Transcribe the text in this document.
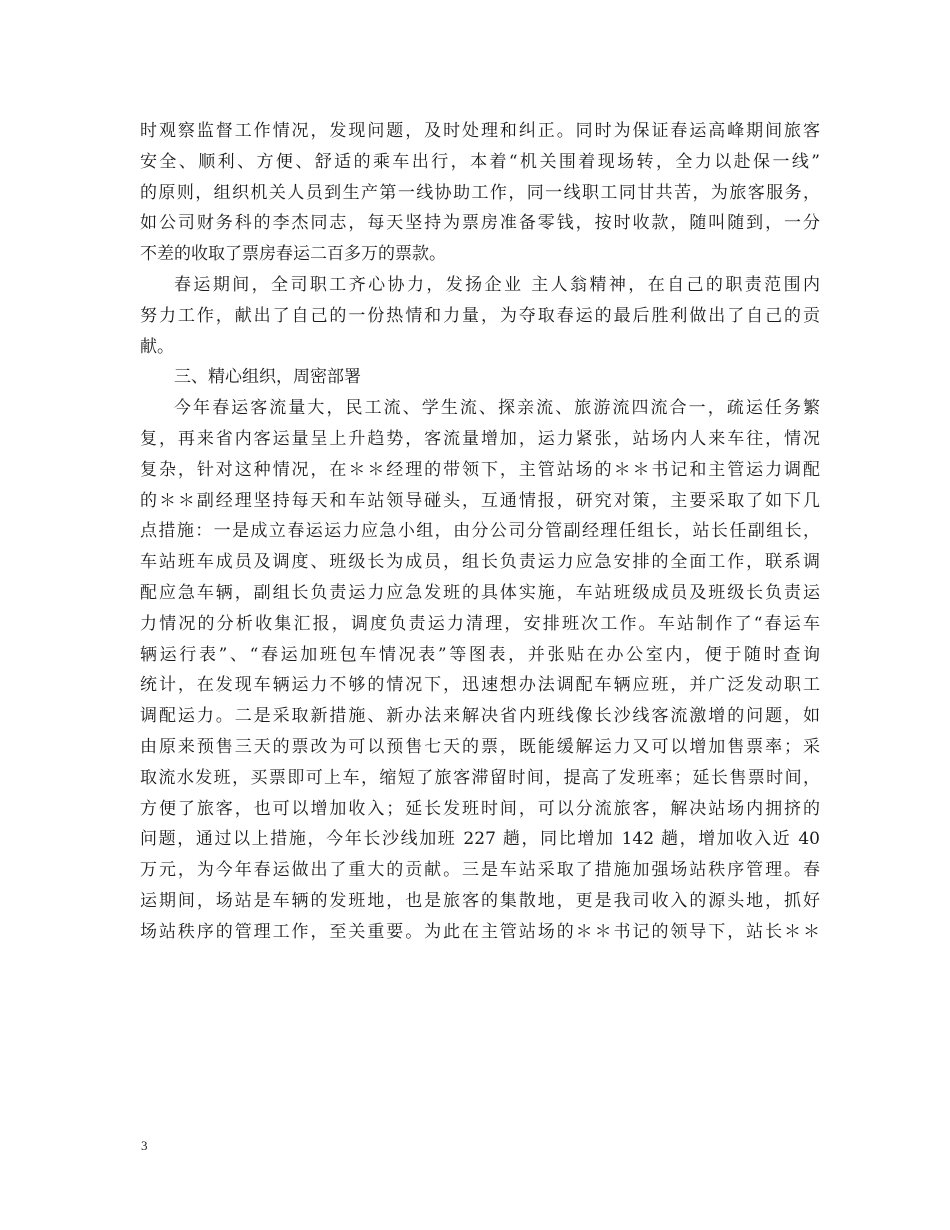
时观察监督工作情况，发现问题，及时处理和纠正。同时为保证春运高峰期间旅客
安全、顺利、方便、舒适的乘车出行，本着“机关围着现场转，全力以赴保一线”
的原则，组织机关人员到生产第一线协助工作，同一线职工同甘共苦，为旅客服务，
如公司财务科的李杰同志，每天坚持为票房准备零钱，按时收款，随叫随到，一分
不差的收取了票房春运二百多万的票款。
春运期间，全司职工齐心协力，发扬企业 主人翁精神，在自己的职责范围内
努力工作，献出了自己的一份热情和力量，为夺取春运的最后胜利做出了自己的贡
献。
三、精心组织，周密部署
今年春运客流量大，民工流、学生流、探亲流、旅游流四流合一，疏运任务繁
复，再来省内客运量呈上升趋势，客流量增加，运力紧张，站场内人来车往，情况
复杂，针对这种情况，在＊＊经理的带领下，主管站场的＊＊书记和主管运力调配
的＊＊副经理坚持每天和车站领导碰头，互通情报，研究对策，主要采取了如下几
点措施：一是成立春运运力应急小组，由分公司分管副经理任组长，站长任副组长，
车站班车成员及调度、班级长为成员，组长负责运力应急安排的全面工作，联系调
配应急车辆，副组长负责运力应急发班的具体实施，车站班级成员及班级长负责运
力情况的分析收集汇报，调度负责运力清理，安排班次工作。车站制作了“春运车
辆运行表”、“春运加班包车情况表”等图表，并张贴在办公室内，便于随时查询
统计，在发现车辆运力不够的情况下，迅速想办法调配车辆应班，并广泛发动职工
调配运力。二是采取新措施、新办法来解决省内班线像长沙线客流激增的问题，如
由原来预售三天的票改为可以预售七天的票，既能缓解运力又可以增加售票率；采
取流水发班，买票即可上车，缩短了旅客滞留时间，提高了发班率；延长售票时间，
方便了旅客，也可以增加收入；延长发班时间，可以分流旅客，解决站场内拥挤的
问题，通过以上措施，今年长沙线加班 227 趟，同比增加 142 趟，增加收入近 40
万元，为今年春运做出了重大的贡献。三是车站采取了措施加强场站秩序管理。春
运期间，场站是车辆的发班地，也是旅客的集散地，更是我司收入的源头地，抓好
场站秩序的管理工作，至关重要。为此在主管站场的＊＊书记的领导下，站长＊＊
3
